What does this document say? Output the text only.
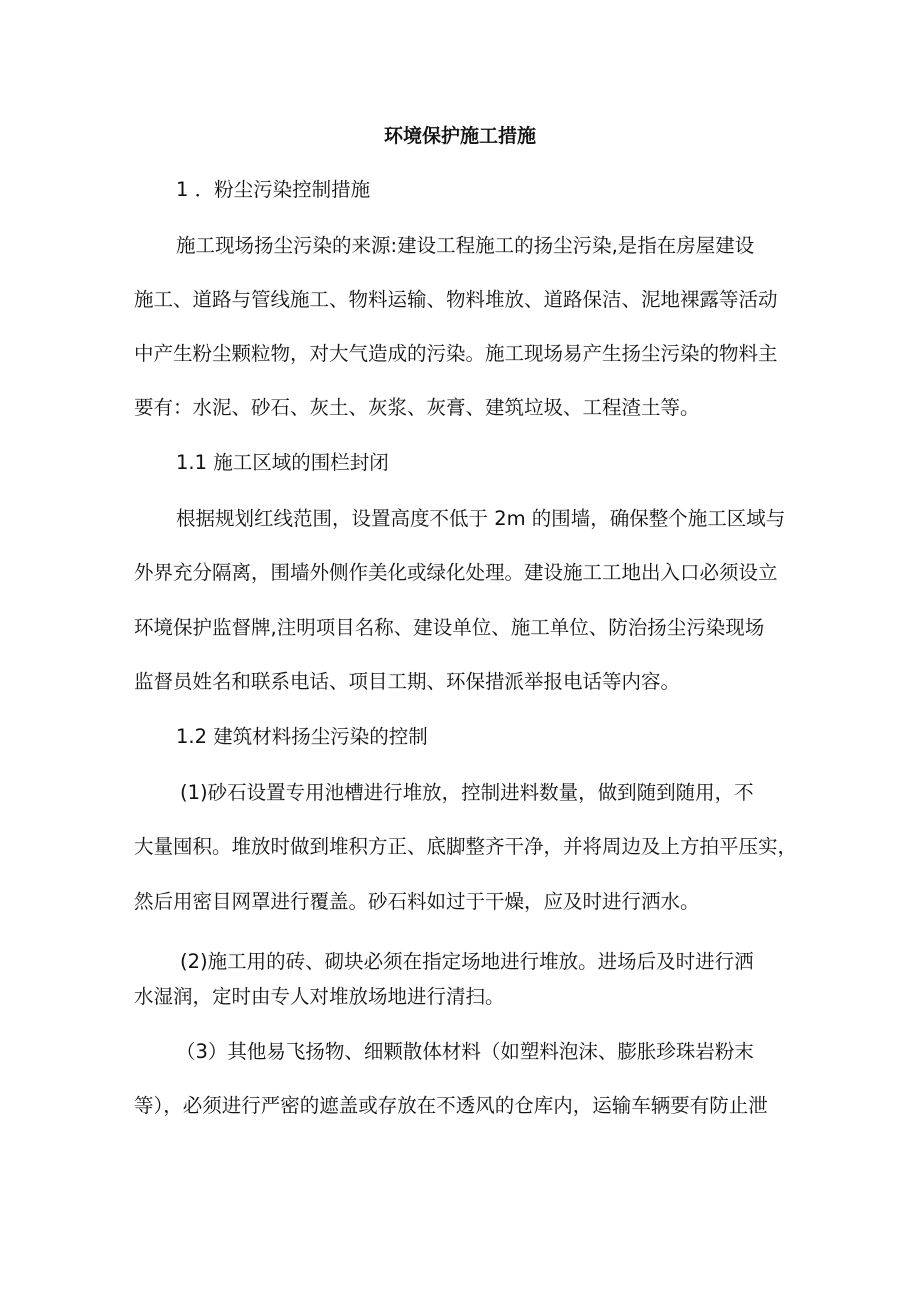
环境保护施工措施
1 ．粉尘污染控制措施
施工现场扬尘污染的来源:建设工程施工的扬尘污染,是指在房屋建设
施工、道路与管线施工、物料运输、物料堆放、道路保洁、泥地裸露等活动
中产生粉尘颗粒物，对大气造成的污染。施工现场易产生扬尘污染的物料主
要有：水泥、砂石、灰土、灰浆、灰膏、建筑垃圾、工程渣土等。
1.1 施工区域的围栏封闭
根据规划红线范围，设置高度不低于 2m 的围墙，确保整个施工区域与
外界充分隔离，围墙外侧作美化或绿化处理。建设施工工地出入口必须设立
环境保护监督牌,注明项目名称、建设单位、施工单位、防治扬尘污染现场
监督员姓名和联系电话、项目工期、环保措派举报电话等内容。
1.2 建筑材料扬尘污染的控制
(1)砂石设置专用池槽进行堆放，控制进料数量，做到随到随用，不
大量囤积。堆放时做到堆积方正、底脚整齐干净，并将周边及上方拍平压实，
然后用密目网罩进行覆盖。砂石料如过于干燥，应及时进行洒水。
(2)施工用的砖、砌块必须在指定场地进行堆放。进场后及时进行洒
水湿润，定时由专人对堆放场地进行清扫。
（3）其他易飞扬物、细颗散体材料（如塑料泡沫、膨胀珍珠岩粉末
等），必须进行严密的遮盖或存放在不透风的仓库内，运输车辆要有防止泄
